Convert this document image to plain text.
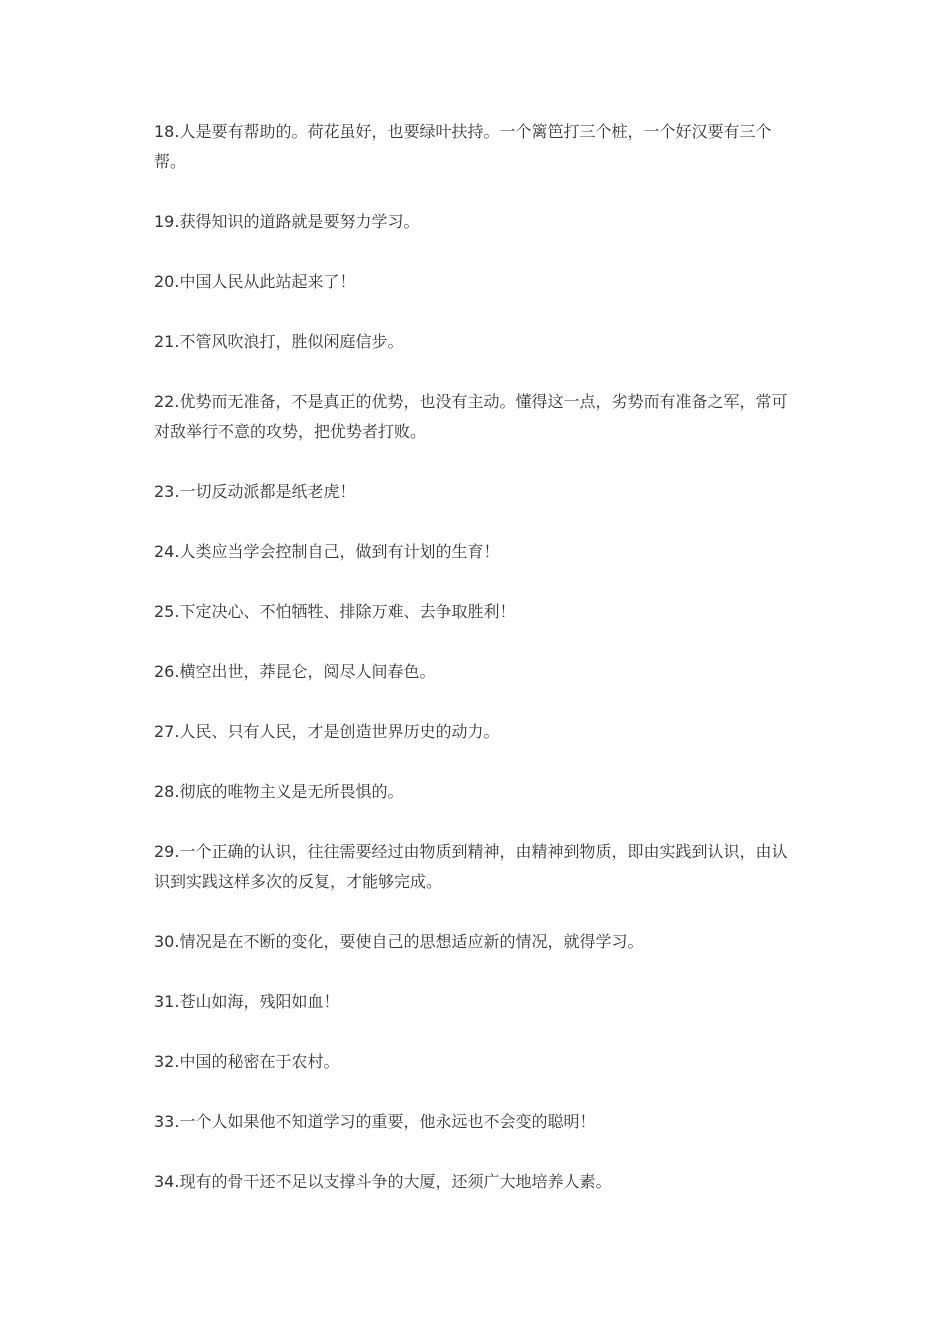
18.人是要有帮助的。荷花虽好，也要绿叶扶持。一个篱笆打三个桩，一个好汉要有三个帮。

19.获得知识的道路就是要努力学习。

20.中国人民从此站起来了！

21.不管风吹浪打，胜似闲庭信步。

22.优势而无准备，不是真正的优势，也没有主动。懂得这一点，劣势而有准备之军，常可对敌举行不意的攻势，把优势者打败。

23.一切反动派都是纸老虎！

24.人类应当学会控制自己，做到有计划的生育！

25.下定决心、不怕牺牲、排除万难、去争取胜利！

26.横空出世，莽昆仑，阅尽人间春色。

27.人民、只有人民，才是创造世界历史的动力。

28.彻底的唯物主义是无所畏惧的。

29.一个正确的认识，往往需要经过由物质到精神，由精神到物质，即由实践到认识，由认识到实践这样多次的反复，才能够完成。

30.情况是在不断的变化，要使自己的思想适应新的情况，就得学习。

31.苍山如海，残阳如血！

32.中国的秘密在于农村。

33.一个人如果他不知道学习的重要，他永远也不会变的聪明！

34.现有的骨干还不足以支撑斗争的大厦，还须广大地培养人素。
